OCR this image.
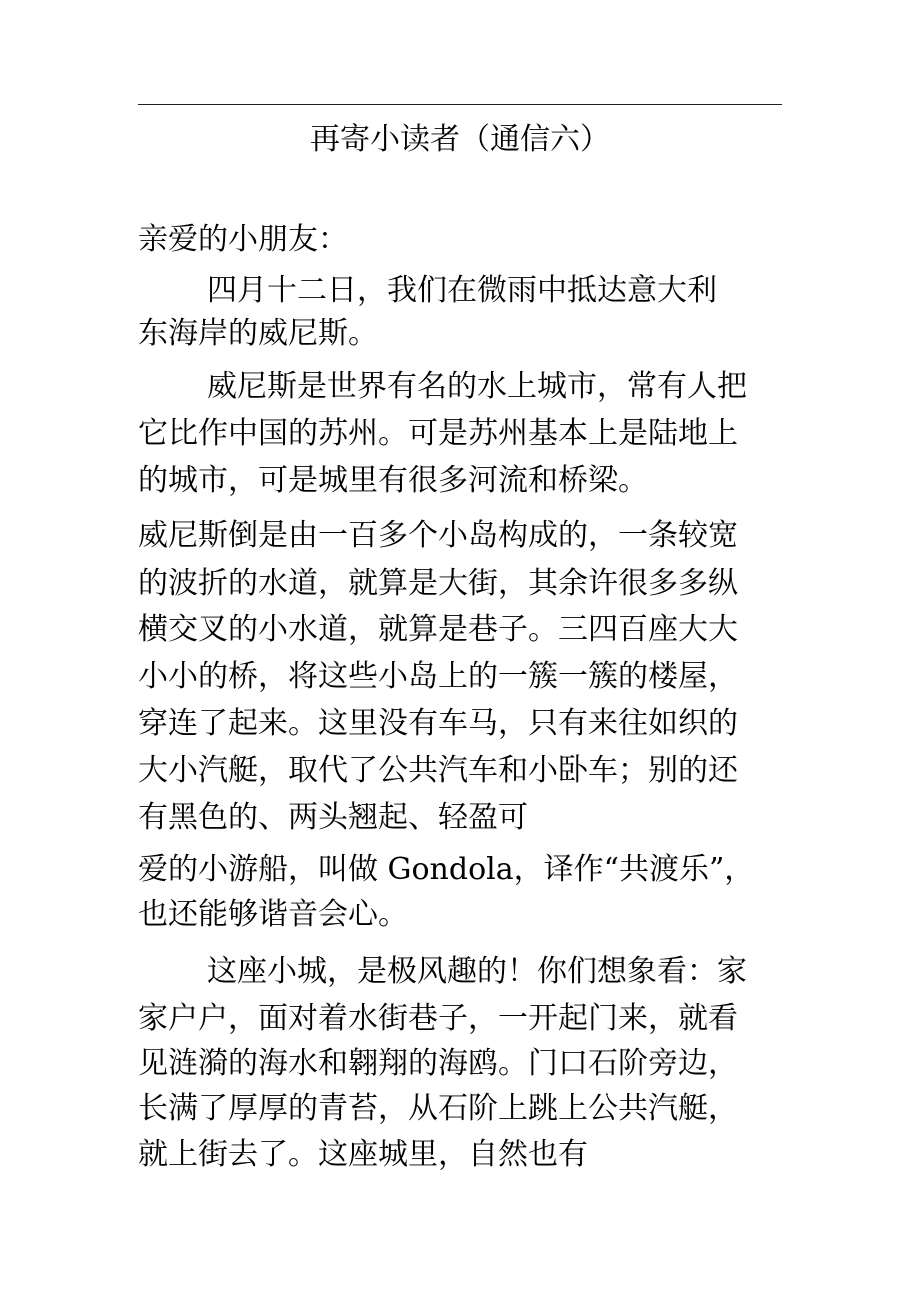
再寄小读者（通信六）

亲爱的小朋友：

四月十二日，我们在微雨中抵达意大利

东海岸的威尼斯。

威尼斯是世界有名的水上城市，常有人把

它比作中国的苏州。可是苏州基本上是陆地上

的城市，可是城里有很多河流和桥梁。

威尼斯倒是由一百多个小岛构成的，一条较宽

的波折的水道，就算是大街，其余许很多多纵

横交叉的小水道，就算是巷子。三四百座大大

小小的桥，将这些小岛上的一簇一簇的楼屋，

穿连了起来。这里没有车马，只有来往如织的

大小汽艇，取代了公共汽车和小卧车；别的还

有黑色的、两头翘起、轻盈可

爱的小游船，叫做 Gondola，译作“共渡乐”，

也还能够谐音会心。

这座小城，是极风趣的！你们想象看：家

家户户，面对着水街巷子，一开起门来，就看

见涟漪的海水和翱翔的海鸥。门口石阶旁边，

长满了厚厚的青苔，从石阶上跳上公共汽艇，

就上街去了。这座城里，自然也有
